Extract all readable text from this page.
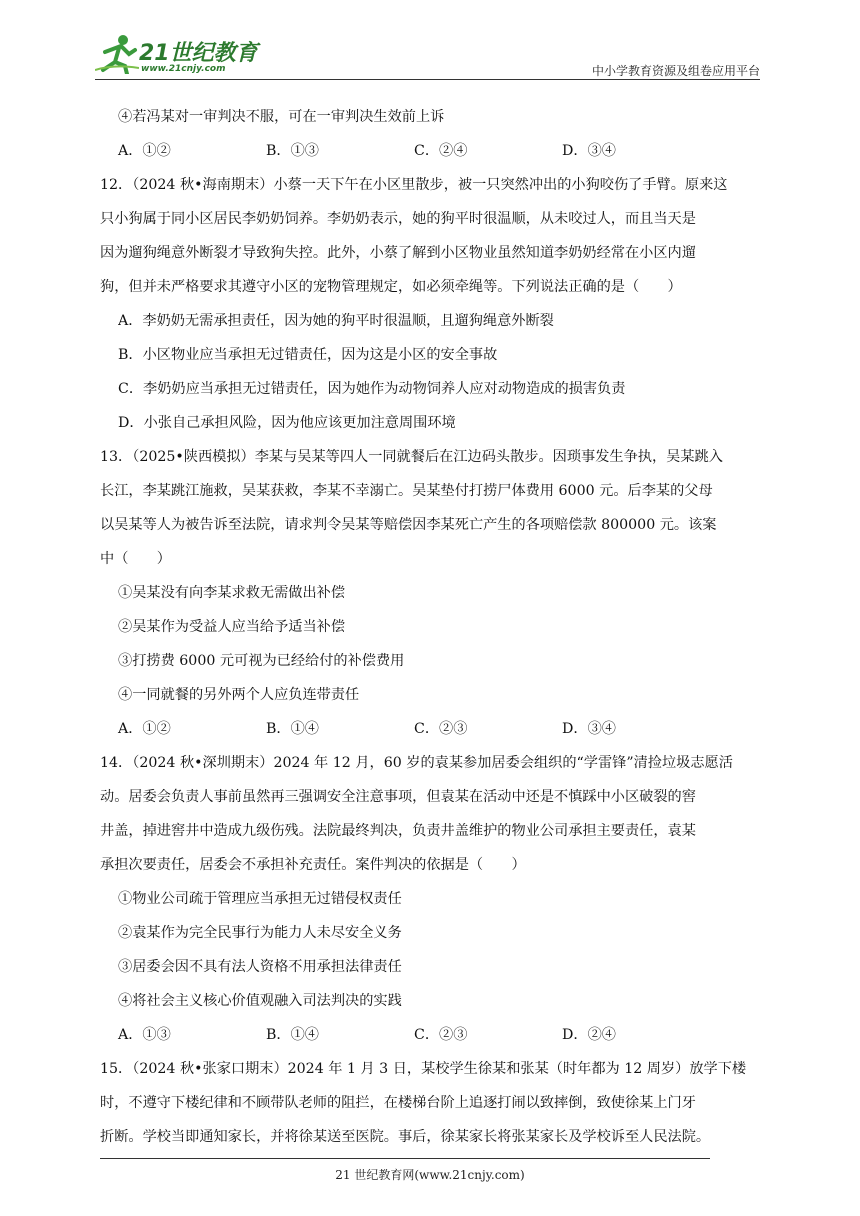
21世纪教育
www.21cnjy.com	中小学教育资源及组卷应用平台
④若冯某对一审判决不服，可在一审判决生效前上诉
A．①②	B．①③	C．②④	D．③④
12．（2024 秋•海南期末）小蔡一天下午在小区里散步，被一只突然冲出的小狗咬伤了手臂。原来这
只小狗属于同小区居民李奶奶饲养。李奶奶表示，她的狗平时很温顺，从未咬过人，而且当天是
因为遛狗绳意外断裂才导致狗失控。此外，小蔡了解到小区物业虽然知道李奶奶经常在小区内遛
狗，但并未严格要求其遵守小区的宠物管理规定，如必须牵绳等。下列说法正确的是（　　）
A．李奶奶无需承担责任，因为她的狗平时很温顺，且遛狗绳意外断裂
B．小区物业应当承担无过错责任，因为这是小区的安全事故
C．李奶奶应当承担无过错责任，因为她作为动物饲养人应对动物造成的损害负责
D．小张自己承担风险，因为他应该更加注意周围环境
13．（2025•陕西模拟）李某与吴某等四人一同就餐后在江边码头散步。因琐事发生争执，吴某跳入
长江，李某跳江施救，吴某获救，李某不幸溺亡。吴某垫付打捞尸体费用 6000 元。后李某的父母
以吴某等人为被告诉至法院，请求判令吴某等赔偿因李某死亡产生的各项赔偿款 800000 元。该案
中（　　）
①吴某没有向李某求救无需做出补偿
②吴某作为受益人应当给予适当补偿
③打捞费 6000 元可视为已经给付的补偿费用
④一同就餐的另外两个人应负连带责任
A．①②	B．①④	C．②③	D．③④
14．（2024 秋•深圳期末）2024 年 12 月，60 岁的袁某参加居委会组织的“学雷锋”清捡垃圾志愿活
动。居委会负责人事前虽然再三强调安全注意事项，但袁某在活动中还是不慎踩中小区破裂的窖
井盖，掉进窖井中造成九级伤残。法院最终判决，负责井盖维护的物业公司承担主要责任，袁某
承担次要责任，居委会不承担补充责任。案件判决的依据是（　　）
①物业公司疏于管理应当承担无过错侵权责任
②袁某作为完全民事行为能力人未尽安全义务
③居委会因不具有法人资格不用承担法律责任
④将社会主义核心价值观融入司法判决的实践
A．①③	B．①④	C．②③	D．②④
15．（2024 秋•张家口期末）2024 年 1 月 3 日，某校学生徐某和张某（时年都为 12 周岁）放学下楼
时，不遵守下楼纪律和不顾带队老师的阻拦，在楼梯台阶上追逐打闹以致摔倒，致使徐某上门牙
折断。学校当即通知家长，并将徐某送至医院。事后，徐某家长将张某家长及学校诉至人民法院。
21 世纪教育网(www.21cnjy.com)
